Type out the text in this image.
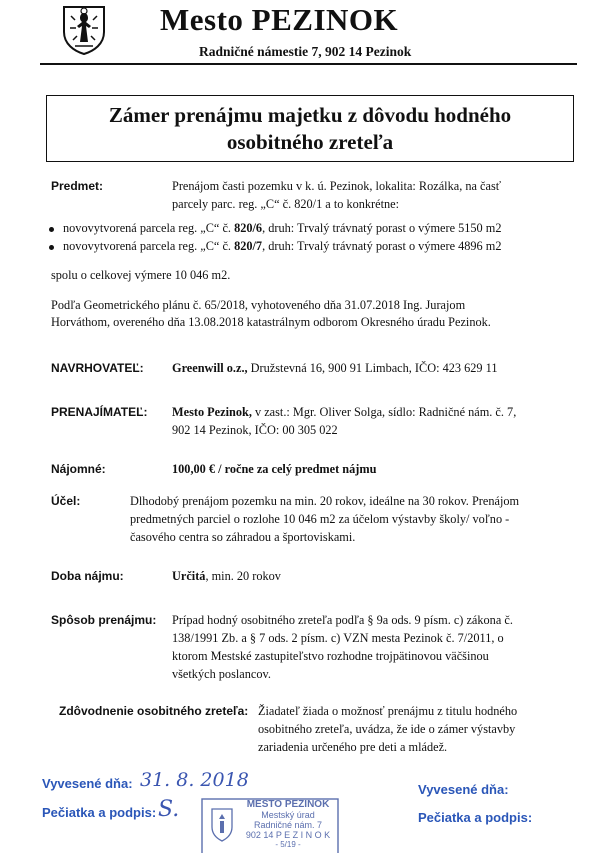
Mesto PEZINOK
Radničné námestie 7, 902 14 Pezinok
Zámer prenájmu majetku z dôvodu hodného
osobitného zreteľa
Predmet:	Prenájom časti pozemku v k. ú. Pezinok, lokalita: Rozálka, na časť
parcely parc. reg. „C“ č. 820/1 a to konkrétne:
novovytvorená parcela reg. „C“ č. 820/6, druh: Trvalý trávnatý porast o výmere 5150 m2
novovytvorená parcela reg. „C“ č. 820/7, druh: Trvalý trávnatý porast o výmere 4896 m2
spolu o celkovej výmere 10 046 m2.
Podľa Geometrického plánu č. 65/2018, vyhotoveného dňa 31.07.2018 Ing. Jurajom
Horváthom, overeného dňa 13.08.2018 katastrálnym odborom Okresného úradu Pezinok.
NAVRHOVATEĽ: Greenwill o.z., Družstevná 16, 900 91 Limbach, IČO: 423 629 11
PRENAJÍMATEĽ: Mesto Pezinok, v zast.: Mgr. Oliver Solga, sídlo: Radničné nám. č. 7,
902 14 Pezinok, IČO: 00 305 022
Nájomné:	100,00 € / ročne za celý predmet nájmu
Účel:	Dlhodobý prenájom pozemku na min. 20 rokov, ideálne na 30 rokov. Prenájom
predmetných parciel o rozlohe 10 046 m2 za účelom výstavby školy/ voľno -
časového centra so záhradou a športoviskami.
Doba nájmu:	Určitá, min. 20 rokov
Spôsob prenájmu: Prípad hodný osobitného zreteľa podľa § 9a ods. 9 písm. c) zákona č.
138/1991 Zb. a § 7 ods. 2 písm. c) VZN mesta Pezinok č. 7/2011, o
ktorom Mestské zastupiteľstvo rozhodne trojpätinovou väčšinou
všetkých poslancov.
Zdôvodnenie osobitného zreteľa: Žiadateľ žiada o možnosť prenájmu z titulu hodného
osobitného zreteľa, uvádza, že ide o zámer výstavby
zariadenia určeného pre deti a mládež.
Vyvesené dňa: 31. 8. 2018
Pečiatka a podpis: S.
Vyvesené dňa:
Pečiatka a podpis:
MESTO PEZINOK
Mestský úrad
Radničné nám. 7
902 14 P E Z I N O K
- 5/19 -
